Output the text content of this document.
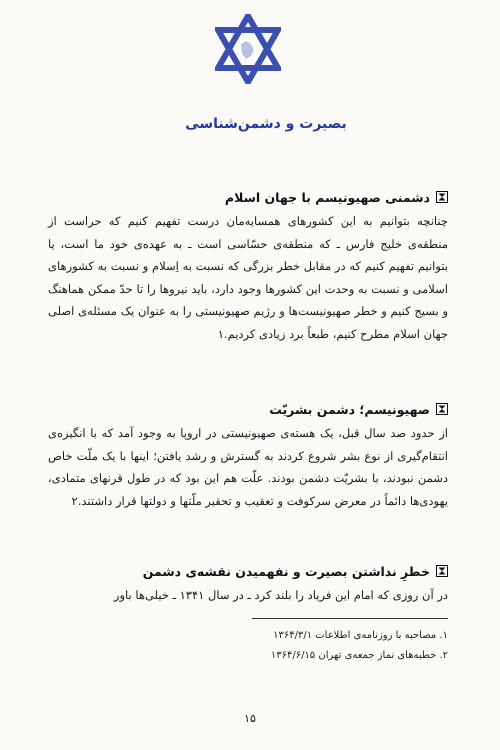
بصیرت و دشمن‌شناسی
دشمنی صهیونیسم با جهان اسلام

چنانچه بتوانیم به این کشورهای همسایه‌مان درست تفهیم کنیم که حراست از منطقه‌ی خلیج فارس ـ که منطقه‌ی حسّاسی است ـ به عهده‌ی خود ما است، یا بتوانیم تفهیم کنیم که در مقابل خطر بزرگی که نسبت به اِسلام و نسبت به کشورهای اسلامی و نسبت به وحدت این کشورها وجود دارد، باید نیروها را تا حدّ ممکن هماهنگ و بسیج کنیم و خطر صهیونیست‌ها و رژیم صهیونیستی را به عنوان یک مسئله‌ی اصلی جهان اسلام مطرح کنیم، طبعاً برد زیادی کردیم.۱

صهیونیسم؛ دشمن بشریّت

از حدود صد سال قبل، یک هسته‌ی صهیونیستی در اروپا به وجود آمد که با انگیزه‌ی انتقام‌گیری از نوع بشر شروع کردند به گسترش و رشد یافتن؛ اینها با یک ملّت خاص دشمن نبودند، با بشریّت دشمن بودند. علّت هم این بود که در طول قرنهای متمادی، یهودی‌ها دائماً در معرض سرکوفت و تعقیب و تحقیر ملّتها و دولتها قرار داشتند.۲

خطرِ نداشتن بصیرت و نفهمیدن نقشه‌ی دشمن

در آن روزی که امام این فریاد را بلند کرد ـ در سال ۱۳۴۱ ـ خیلی‌ها باور

۱. مصاحبه با روزنامه‌ی اطلاعات ۱۳۶۴/۳/۱
۲. خطبه‌های نماز جمعه‌ی تهران ۱۳۶۴/۶/۱۵
۱۵
